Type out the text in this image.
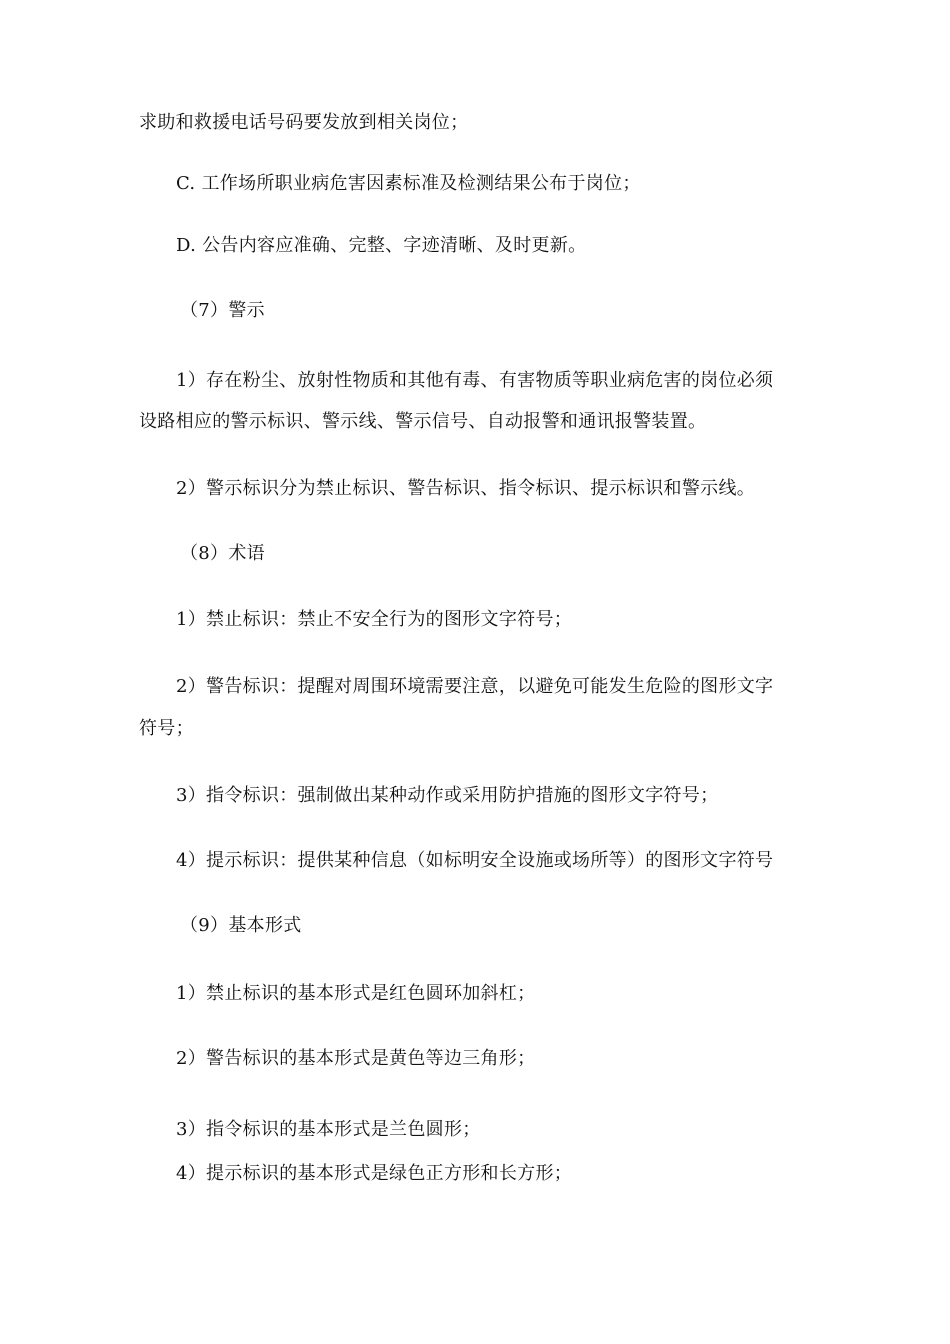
求助和救援电话号码要发放到相关岗位；
C. 工作场所职业病危害因素标准及检测结果公布于岗位；
D. 公告内容应准确、完整、字迹清晰、及时更新。
（7）警示
1）存在粉尘、放射性物质和其他有毒、有害物质等职业病危害的岗位必须
设路相应的警示标识、警示线、警示信号、自动报警和通讯报警装置。
2）警示标识分为禁止标识、警告标识、指令标识、提示标识和警示线。
（8）术语
1）禁止标识：禁止不安全行为的图形文字符号；
2）警告标识：提醒对周围环境需要注意，以避免可能发生危险的图形文字
符号；
3）指令标识：强制做出某种动作或采用防护措施的图形文字符号；
4）提示标识：提供某种信息（如标明安全设施或场所等）的图形文字符号
（9）基本形式
1）禁止标识的基本形式是红色圆环加斜杠；
2）警告标识的基本形式是黄色等边三角形；
3）指令标识的基本形式是兰色圆形；
4）提示标识的基本形式是绿色正方形和长方形；
